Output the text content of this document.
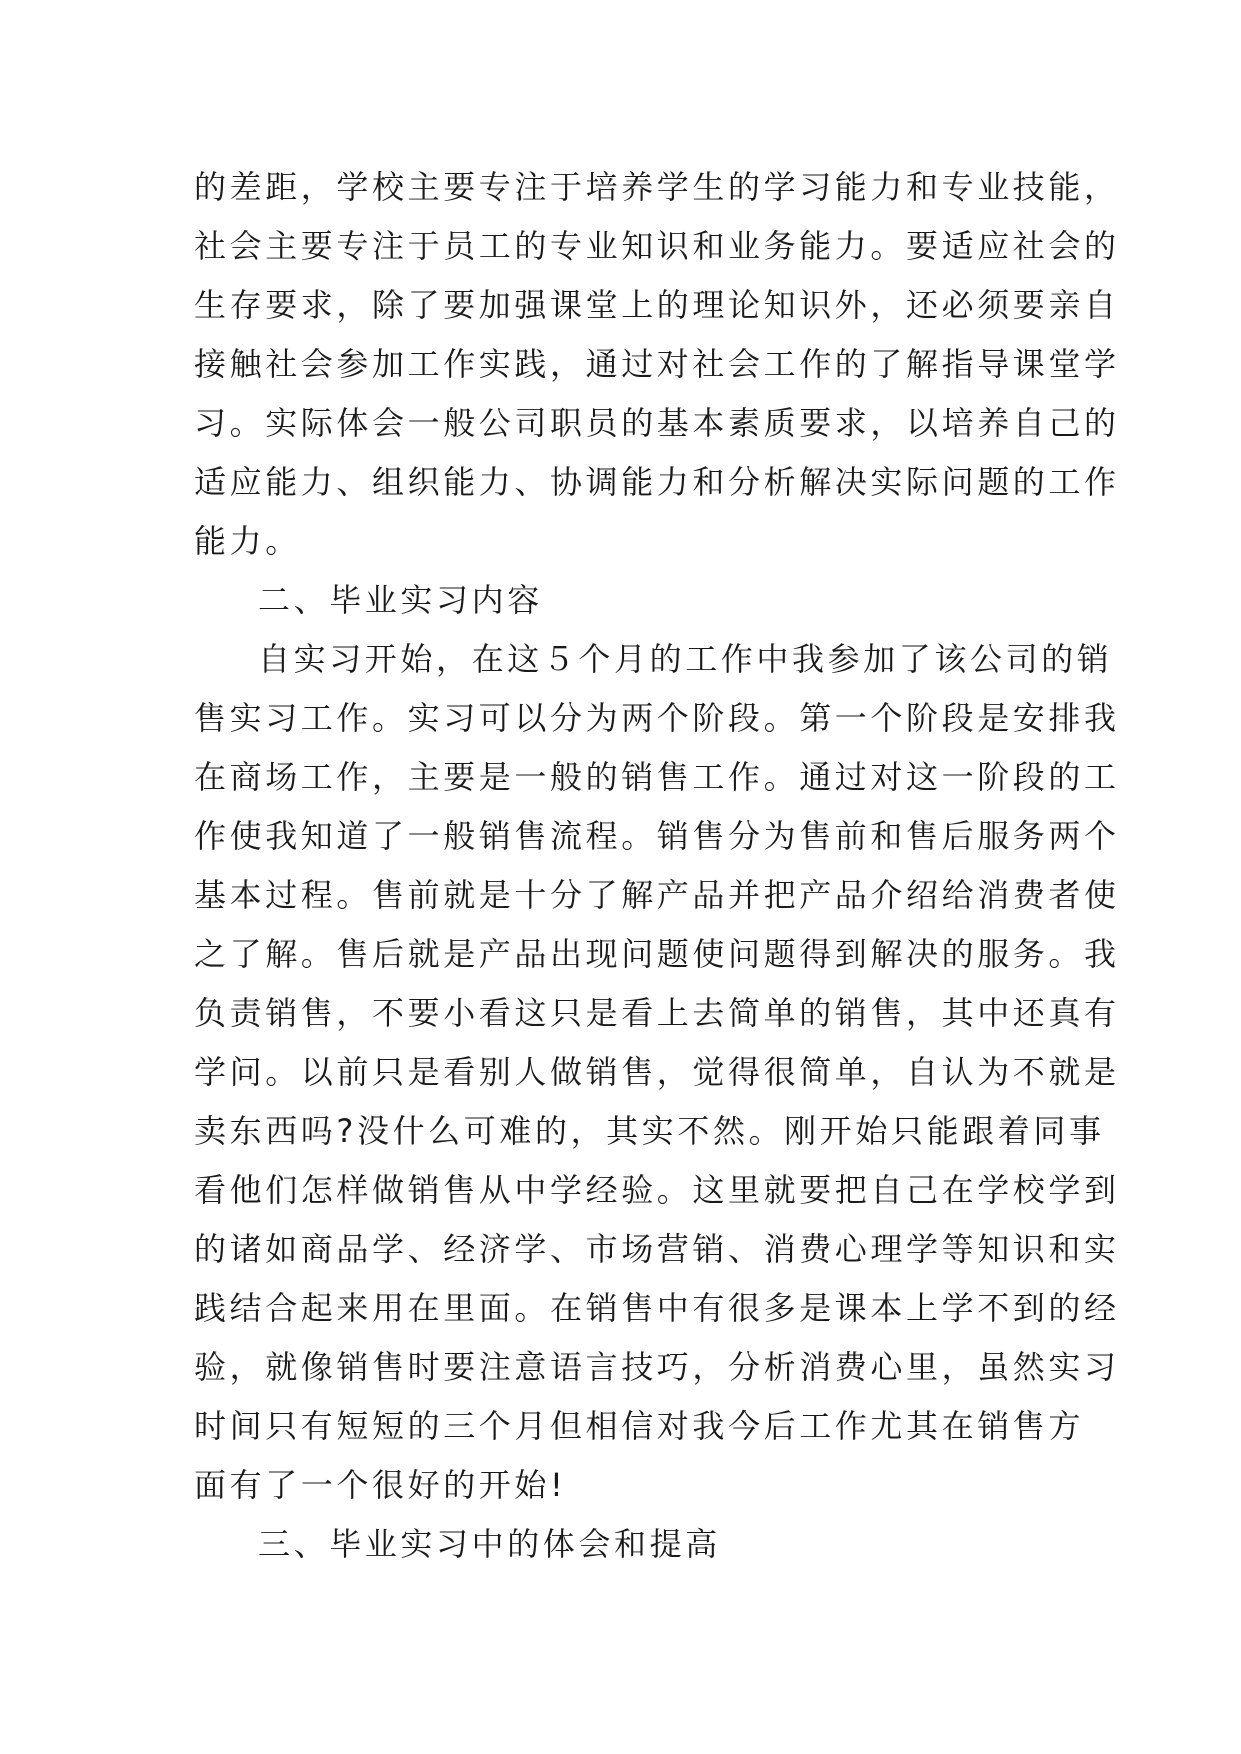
的差距，学校主要专注于培养学生的学习能力和专业技能，
社会主要专注于员工的专业知识和业务能力。要适应社会的
生存要求，除了要加强课堂上的理论知识外，还必须要亲自
接触社会参加工作实践，通过对社会工作的了解指导课堂学
习。实际体会一般公司职员的基本素质要求，以培养自己的
适应能力、组织能力、协调能力和分析解决实际问题的工作
能力。
二、毕业实习内容
自实习开始，在这５个月的工作中我参加了该公司的销
售实习工作。实习可以分为两个阶段。第一个阶段是安排我
在商场工作，主要是一般的销售工作。通过对这一阶段的工
作使我知道了一般销售流程。销售分为售前和售后服务两个
基本过程。售前就是十分了解产品并把产品介绍给消费者使
之了解。售后就是产品出现问题使问题得到解决的服务。我
负责销售，不要小看这只是看上去简单的销售，其中还真有
学问。以前只是看别人做销售，觉得很简单，自认为不就是
卖东西吗?没什么可难的，其实不然。刚开始只能跟着同事
看他们怎样做销售从中学经验。这里就要把自己在学校学到
的诸如商品学、经济学、市场营销、消费心理学等知识和实
践结合起来用在里面。在销售中有很多是课本上学不到的经
验，就像销售时要注意语言技巧，分析消费心里，虽然实习
时间只有短短的三个月但相信对我今后工作尤其在销售方
面有了一个很好的开始!
三、毕业实习中的体会和提高
